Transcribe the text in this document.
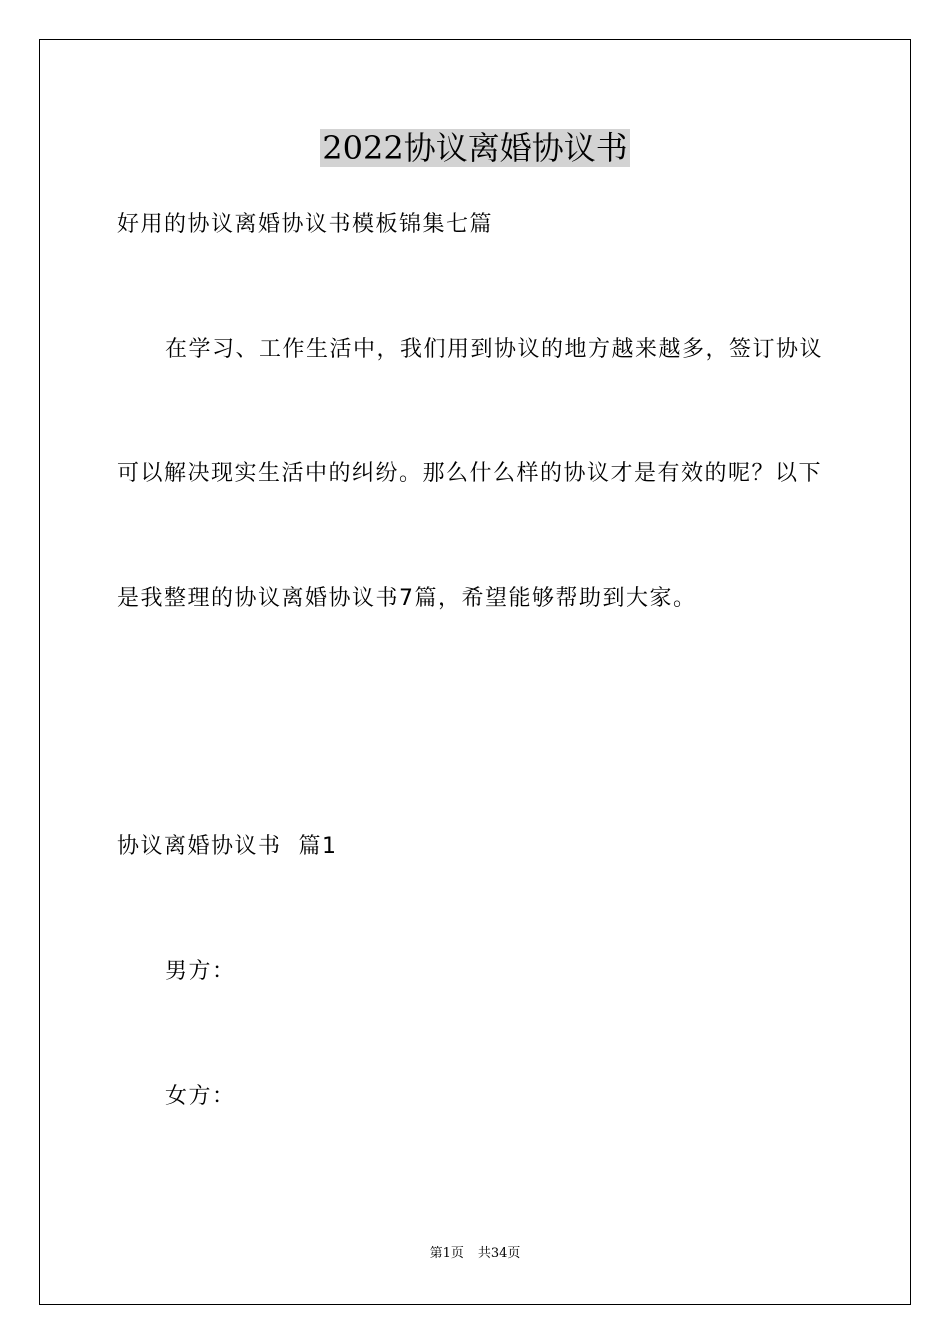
2022协议离婚协议书

好用的协议离婚协议书模板锦集七篇

在学习、工作生活中，我们用到协议的地方越来越多，签订协议

可以解决现实生活中的纠纷。那么什么样的协议才是有效的呢？以下

是我整理的协议离婚协议书7篇，希望能够帮助到大家。

协议离婚协议书  篇1

男方：

女方：

第1页 共34页
